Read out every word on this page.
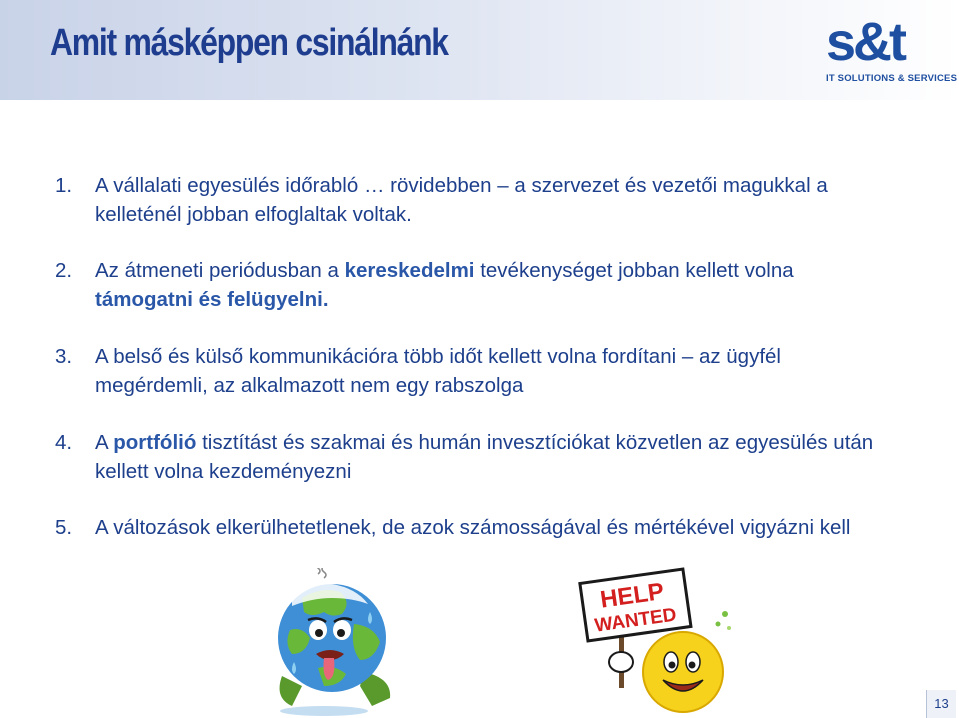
Amit másképpen csinálnánk	s&t
IT SOLUTIONS & SERVICES
1.	A vállalati egyesülés időrabló … rövidebben – a szervezet és vezetői magukkal a kelleténél jobban elfoglaltak voltak.
2.	Az átmeneti periódusban a kereskedelmi tevékenységet jobban kellett volna támogatni és felügyelni.
3.	A belső és külső kommunikációra több időt kellett volna fordítani – az ügyfél megérdemli, az alkalmazott nem egy rabszolga
4.	A portfólió tisztítást és szakmai és humán invesztíciókat közvetlen az egyesülés után kellett volna kezdeményezni
5.	A változások elkerülhetetlenek, de azok számosságával és mértékével vigyázni kell
HELP
WANTED
13
